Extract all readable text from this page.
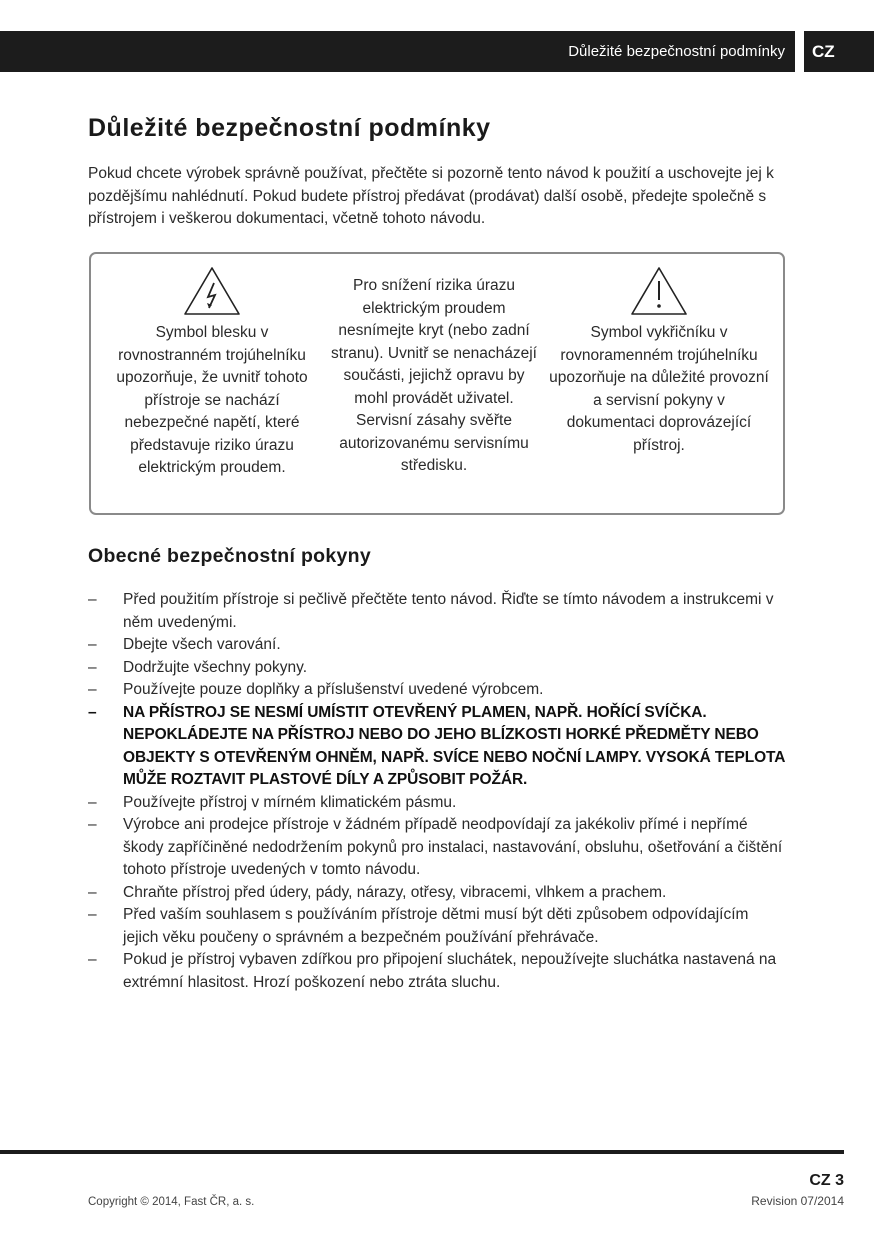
Důležité bezpečnostní podmínky	CZ
Důležité bezpečnostní podmínky

Pokud chcete výrobek správně používat, přečtěte si pozorně tento návod k použití a uschovejte jej k pozdějšímu nahlédnutí. Pokud budete přístroj předávat (prodávat) další osobě, předejte společně s přístrojem i veškerou dokumentaci, včetně tohoto návodu.

Symbol blesku v rovnostranném trojúhelníku upozorňuje, že uvnitř tohoto přístroje se nachází nebezpečné napětí, které představuje riziko úrazu elektrickým proudem.
Pro snížení rizika úrazu elektrickým proudem nesnímejte kryt (nebo zadní stranu). Uvnitř se nenacházejí součásti, jejichž opravu by mohl provádět uživatel. Servisní zásahy svěřte autorizovanému servisnímu středisku.
Symbol vykřičníku v rovnoramenném trojúhelníku upozorňuje na důležité provozní a servisní pokyny v dokumentaci doprovázející přístroj.
Obecné bezpečnostní pokyny
– Před použitím přístroje si pečlivě přečtěte tento návod. Řiďte se tímto návodem a instrukcemi v něm uvedenými.
– Dbejte všech varování.
– Dodržujte všechny pokyny.
– Používejte pouze doplňky a příslušenství uvedené výrobcem.
– NA PŘÍSTROJ SE NESMÍ UMÍSTIT OTEVŘENÝ PLAMEN, NAPŘ. HOŘÍCÍ SVÍČKA. NEPOKLÁDEJTE NA PŘÍSTROJ NEBO DO JEHO BLÍZKOSTI HORKÉ PŘEDMĚTY NEBO OBJEKTY S OTEVŘENÝM OHNĚM, NAPŘ. SVÍCE NEBO NOČNÍ LAMPY. VYSOKÁ TEPLOTA MŮŽE ROZTAVIT PLASTOVÉ DÍLY A ZPŮSOBIT POŽÁR.
– Používejte přístroj v mírném klimatickém pásmu.
– Výrobce ani prodejce přístroje v žádném případě neodpovídají za jakékoliv přímé i nepřímé škody zapříčiněné nedodržením pokynů pro instalaci, nastavování, obsluhu, ošetřování a čištění tohoto přístroje uvedených v tomto návodu.
– Chraňte přístroj před údery, pády, nárazy, otřesy, vibracemi, vlhkem a prachem.
– Před vaším souhlasem s používáním přístroje dětmi musí být děti způsobem odpovídajícím jejich věku poučeny o správném a bezpečném používání přehrávače.
– Pokud je přístroj vybaven zdířkou pro připojení sluchátek, nepoužívejte sluchátka nastavená na extrémní hlasitost. Hrozí poškození nebo ztráta sluchu.
CZ 3
Copyright © 2014, Fast ČR, a. s.	Revision 07/2014
